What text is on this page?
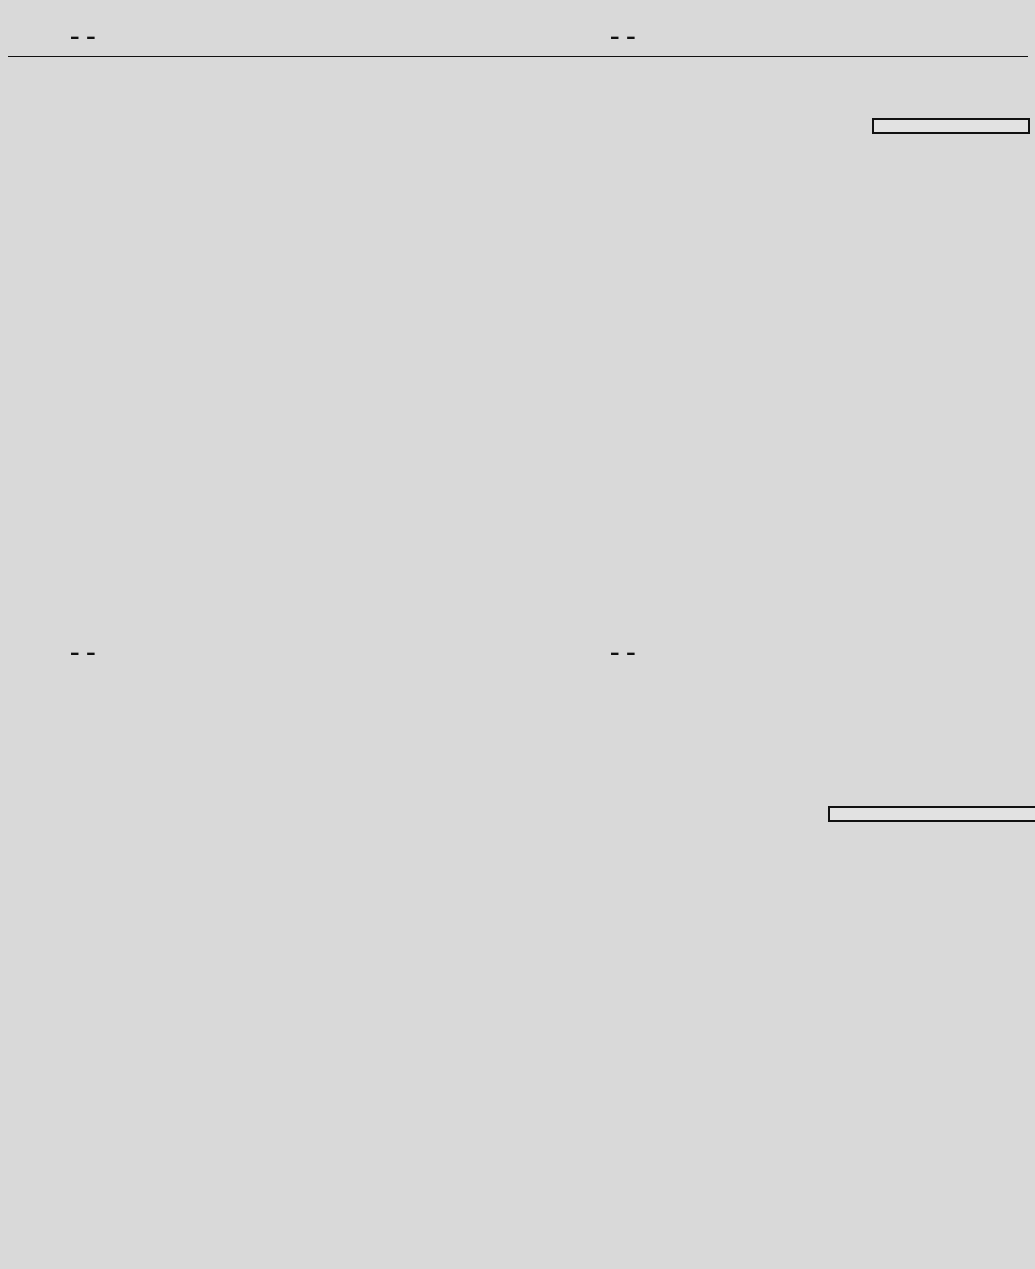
– –	– –

– –	– –
